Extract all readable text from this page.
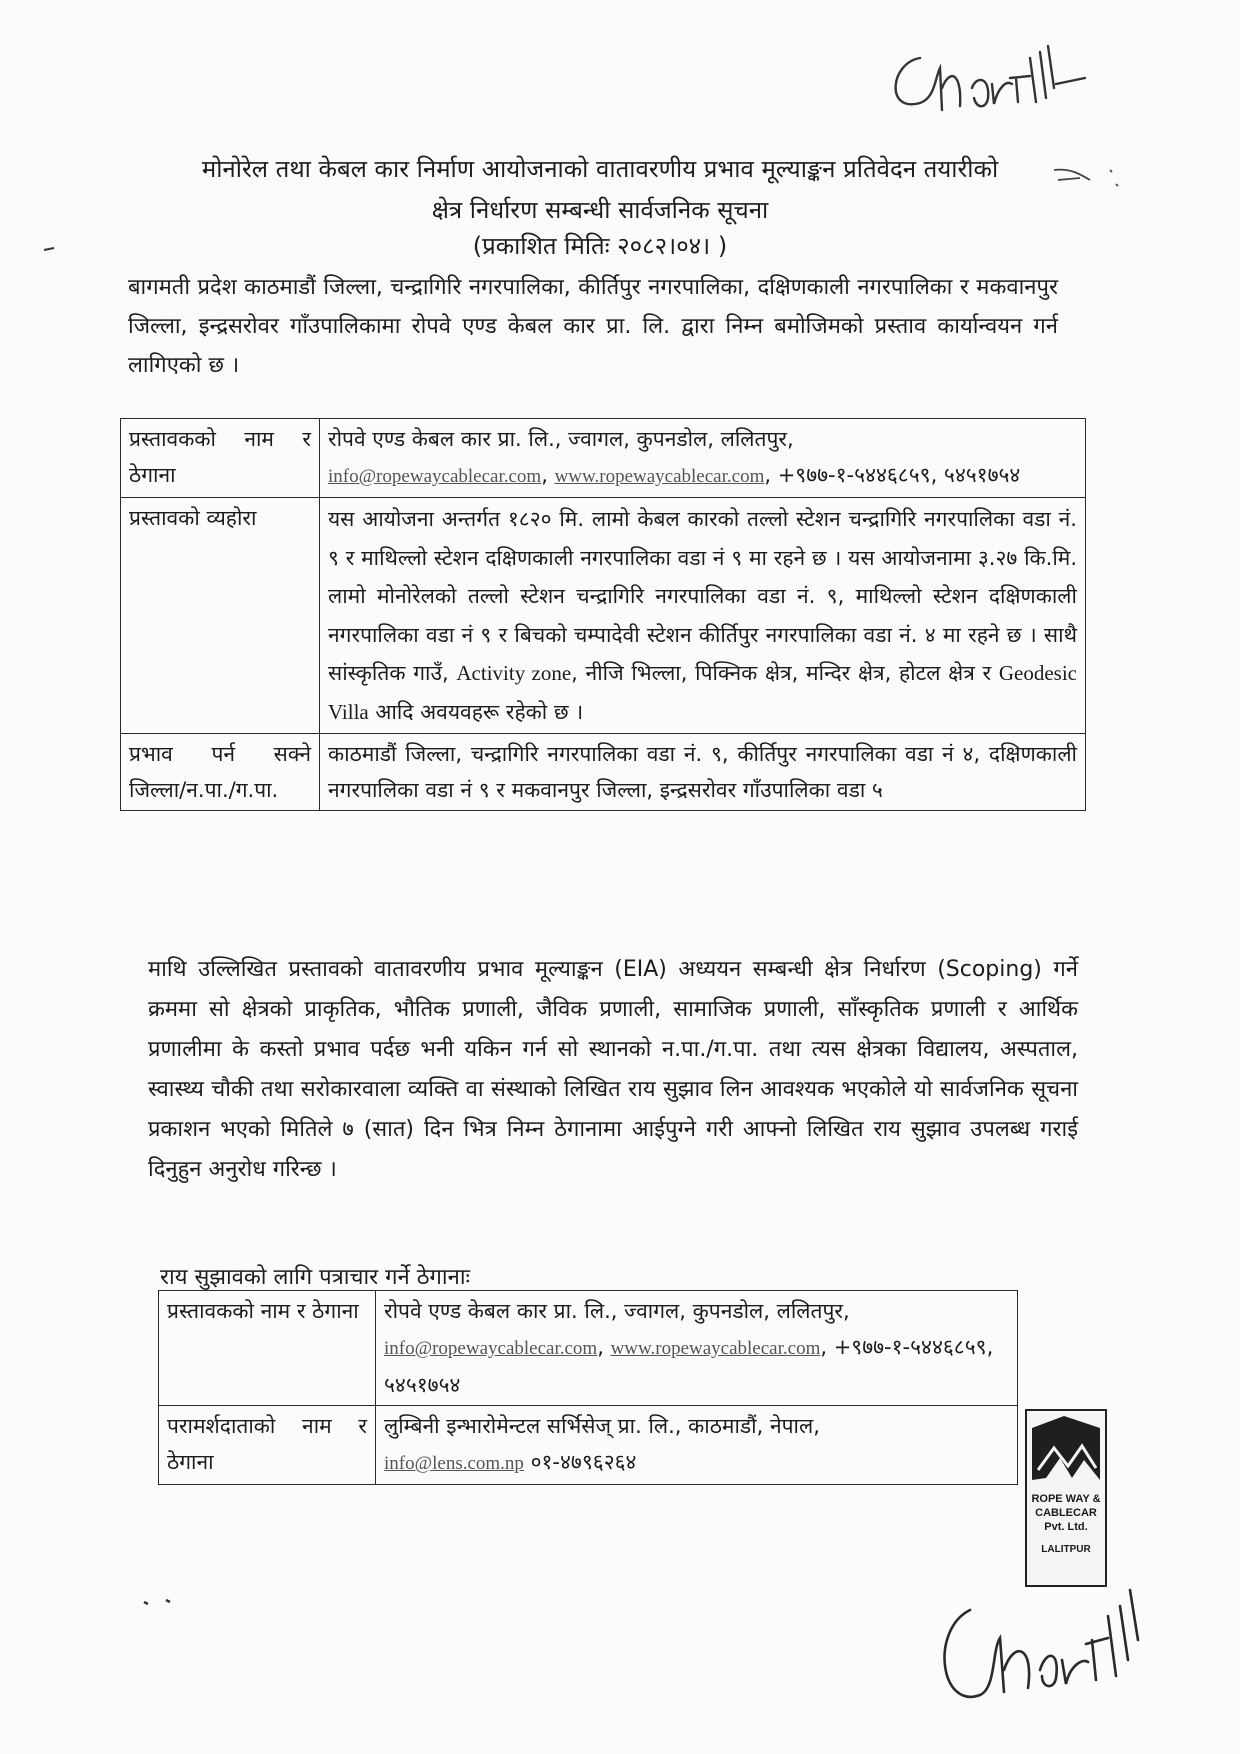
मोनोरेल तथा केबल कार निर्माण आयोजनाको वातावरणीय प्रभाव मूल्याङ्कन प्रतिवेदन तयारीको
क्षेत्र निर्धारण सम्बन्धी सार्वजनिक सूचना
(प्रकाशित मितिः २०८२।०४। )
बागमती प्रदेश काठमाडौं जिल्ला, चन्द्रागिरि नगरपालिका, कीर्तिपुर नगरपालिका, दक्षिणकाली नगरपालिका र मकवानपुर जिल्ला, इन्द्रसरोवर गाँउपालिकामा रोपवे एण्ड केबल कार प्रा. लि. द्वारा निम्न बमोजिमको प्रस्ताव कार्यान्वयन गर्न लागिएको छ ।
प्रस्तावकको नाम र ठेगाना	रोपवे एण्ड केबल कार प्रा. लि., ज्वागल, कुपनडोल, ललितपुर,
info@ropewaycablecar.com, www.ropewaycablecar.com, +९७७-१-५४४६८५९, ५४५१७५४
प्रस्तावको व्यहोरा	यस आयोजना अन्तर्गत १८२० मि. लामो केबल कारको तल्लो स्टेशन चन्द्रागिरि नगरपालिका वडा नं. ९ र माथिल्लो स्टेशन दक्षिणकाली नगरपालिका वडा नं ९ मा रहने छ । यस आयोजनामा ३.२७ कि.मि. लामो मोनोरेलको तल्लो स्टेशन चन्द्रागिरि नगरपालिका वडा नं. ९, माथिल्लो स्टेशन दक्षिणकाली नगरपालिका वडा नं ९ र बिचको चम्पादेवी स्टेशन कीर्तिपुर नगरपालिका वडा नं. ४ मा रहने छ । साथै सांस्कृतिक गाउँ, Activity zone, नीजि भिल्ला, पिक्निक क्षेत्र, मन्दिर क्षेत्र, होटल क्षेत्र र Geodesic Villa आदि अवयवहरू रहेको छ ।
प्रभाव पर्न सक्ने जिल्ला/न.पा./ग.पा.	काठमाडौं जिल्ला, चन्द्रागिरि नगरपालिका वडा नं. ९, कीर्तिपुर नगरपालिका वडा नं ४, दक्षिणकाली नगरपालिका वडा नं ९ र मकवानपुर जिल्ला, इन्द्रसरोवर गाँउपालिका वडा ५
माथि उल्लिखित प्रस्तावको वातावरणीय प्रभाव मूल्याङ्कन (EIA) अध्ययन सम्बन्धी क्षेत्र निर्धारण (Scoping) गर्ने क्रममा सो क्षेत्रको प्राकृतिक, भौतिक प्रणाली, जैविक प्रणाली, सामाजिक प्रणाली, साँस्कृतिक प्रणाली र आर्थिक प्रणालीमा के कस्तो प्रभाव पर्दछ भनी यकिन गर्न सो स्थानको न.पा./ग.पा. तथा त्यस क्षेत्रका विद्यालय, अस्पताल, स्वास्थ्य चौकी तथा सरोकारवाला व्यक्ति वा संस्थाको लिखित राय सुझाव लिन आवश्यक भएकोले यो सार्वजनिक सूचना प्रकाशन भएको मितिले ७ (सात) दिन भित्र निम्न ठेगानामा आईपुग्ने गरी आफ्नो लिखित राय सुझाव उपलब्ध गराई दिनुहुन अनुरोध गरिन्छ ।
राय सुझावको लागि पत्राचार गर्ने ठेगानाः
प्रस्तावकको नाम र ठेगाना	रोपवे एण्ड केबल कार प्रा. लि., ज्वागल, कुपनडोल, ललितपुर,
info@ropewaycablecar.com, www.ropewaycablecar.com, +९७७-१-५४४६८५९, ५४५१७५४
परामर्शदाताको नाम र ठेगाना	लुम्बिनी इन्भारोमेन्टल सर्भिसेज् प्रा. लि., काठमाडौं, नेपाल,
info@lens.com.np ०१-४७९६२६४
ROPE WAY &
CABLECAR
Pvt. Ltd.
LALITPUR
